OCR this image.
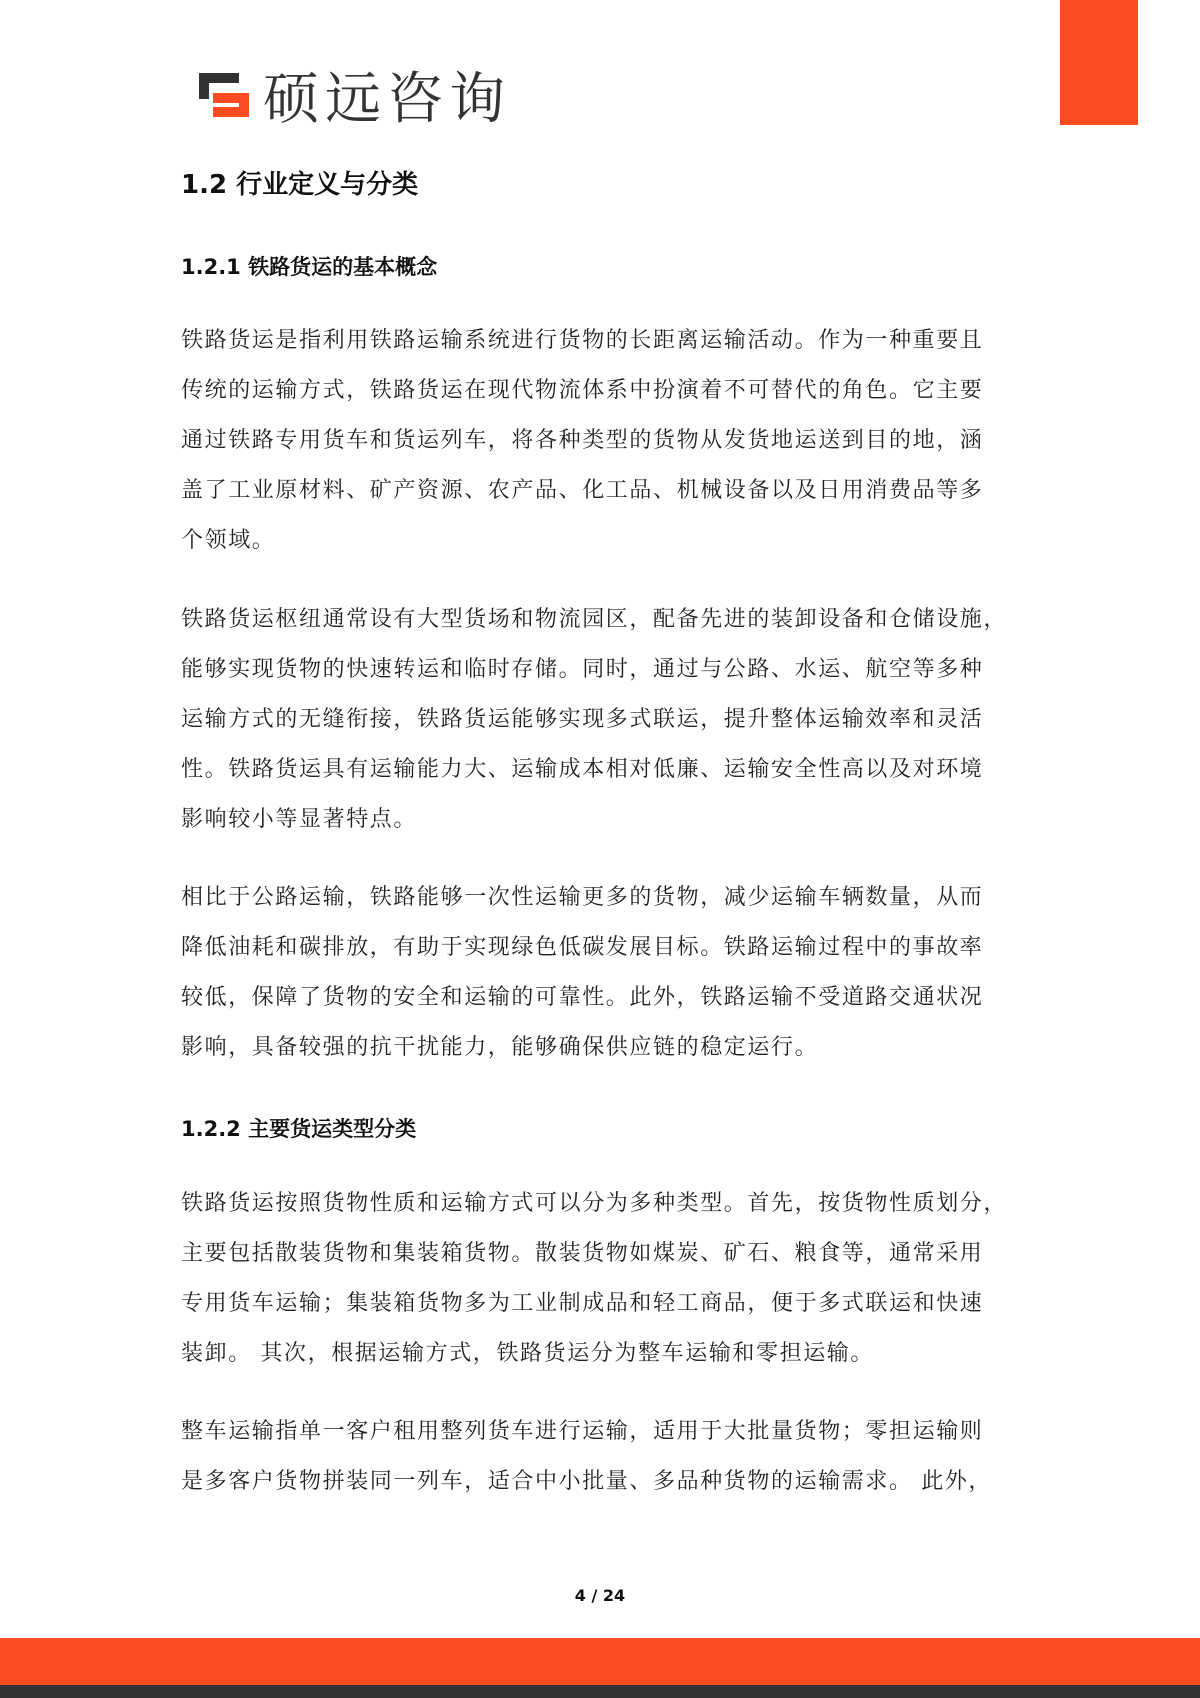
硕远咨询
1.2 行业定义与分类
1.2.1 铁路货运的基本概念
铁路货运是指利用铁路运输系统进行货物的长距离运输活动。作为一种重要且
传统的运输方式，铁路货运在现代物流体系中扮演着不可替代的角色。它主要
通过铁路专用货车和货运列车，将各种类型的货物从发货地运送到目的地，涵
盖了工业原材料、矿产资源、农产品、化工品、机械设备以及日用消费品等多
个领域。
铁路货运枢纽通常设有大型货场和物流园区，配备先进的装卸设备和仓储设施，
能够实现货物的快速转运和临时存储。同时，通过与公路、水运、航空等多种
运输方式的无缝衔接，铁路货运能够实现多式联运，提升整体运输效率和灵活
性。铁路货运具有运输能力大、运输成本相对低廉、运输安全性高以及对环境
影响较小等显著特点。
相比于公路运输，铁路能够一次性运输更多的货物，减少运输车辆数量，从而
降低油耗和碳排放，有助于实现绿色低碳发展目标。铁路运输过程中的事故率
较低，保障了货物的安全和运输的可靠性。此外，铁路运输不受道路交通状况
影响，具备较强的抗干扰能力，能够确保供应链的稳定运行。
1.2.2 主要货运类型分类
铁路货运按照货物性质和运输方式可以分为多种类型。首先，按货物性质划分，
主要包括散装货物和集装箱货物。散装货物如煤炭、矿石、粮食等，通常采用
专用货车运输；集装箱货物多为工业制成品和轻工商品，便于多式联运和快速
装卸。 其次，根据运输方式，铁路货运分为整车运输和零担运输。
整车运输指单一客户租用整列货车进行运输，适用于大批量货物；零担运输则
是多客户货物拼装同一列车，适合中小批量、多品种货物的运输需求。 此外，
4 / 24
